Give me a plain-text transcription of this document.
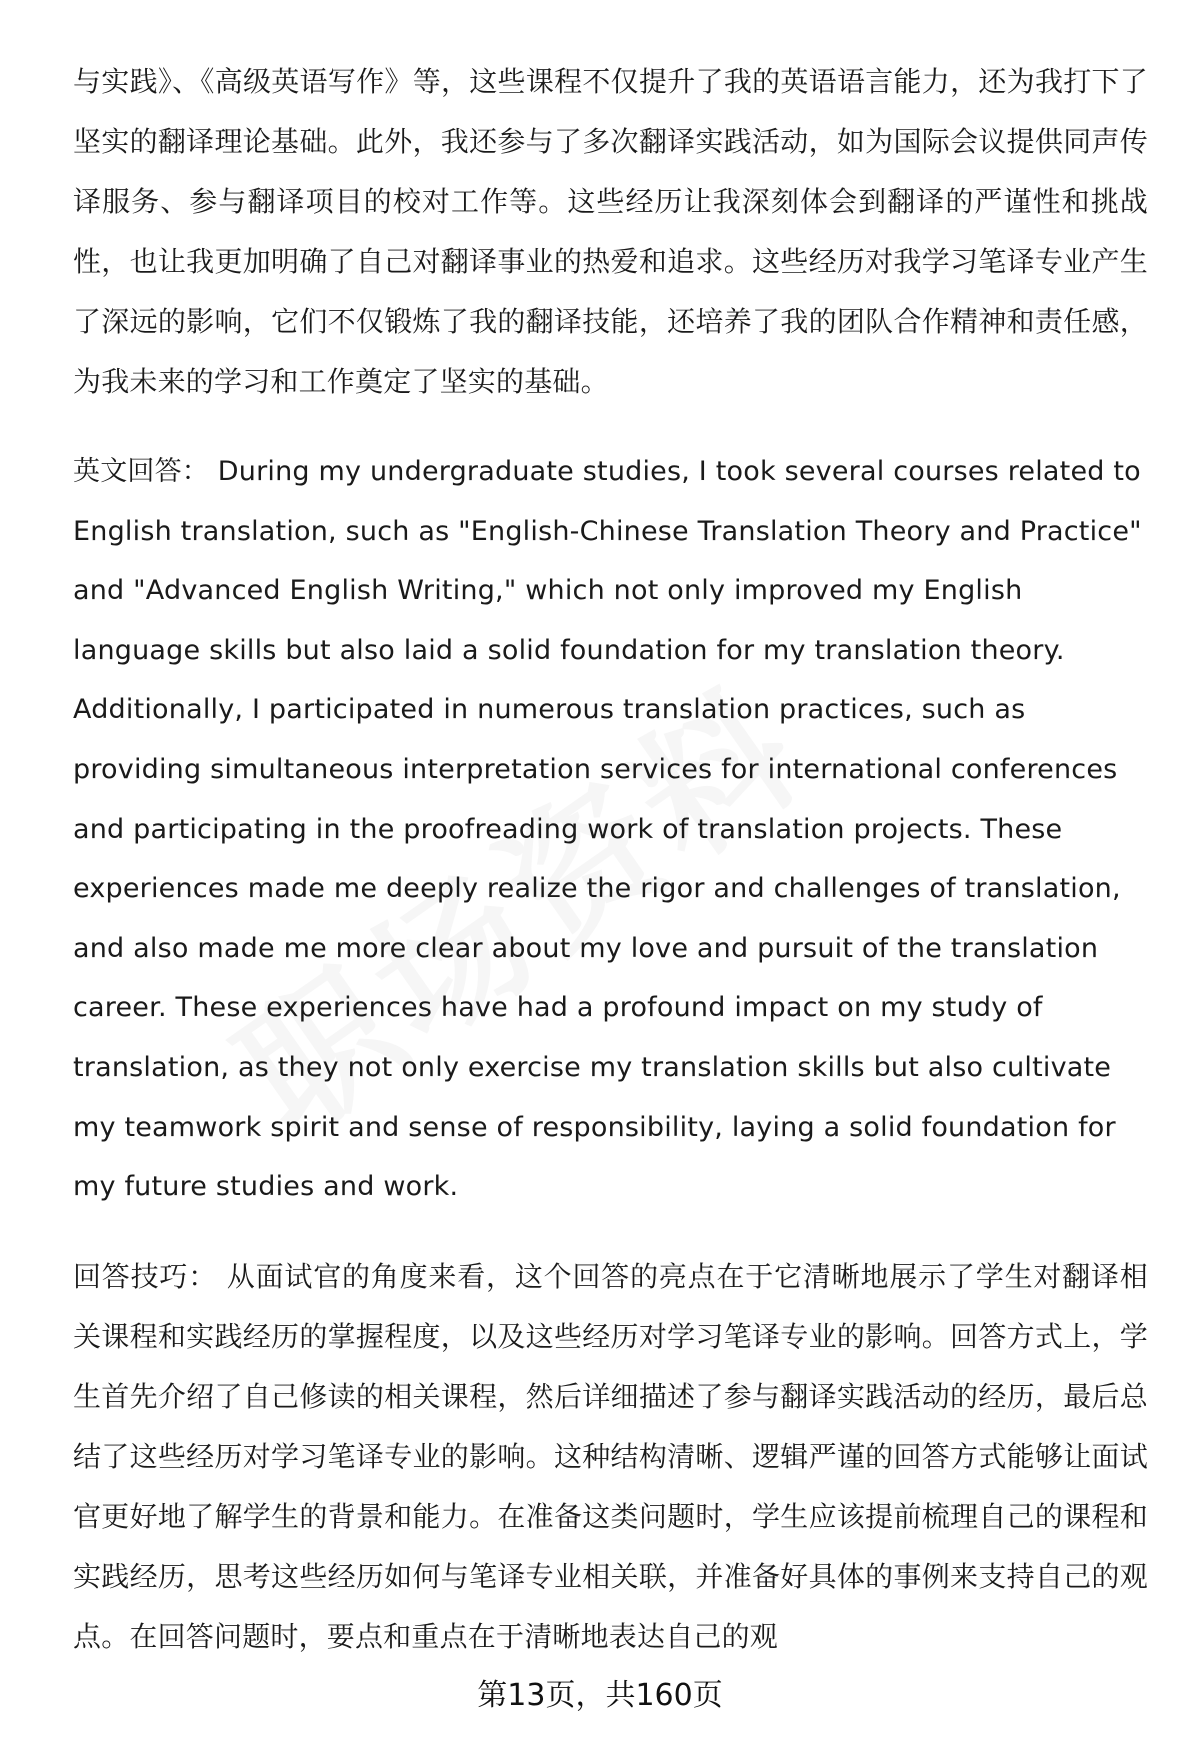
与实践》、《高级英语写作》等，这些课程不仅提升了我的英语语言能力，还为我打下了坚实的翻译理论基础。此外，我还参与了多次翻译实践活动，如为国际会议提供同声传译服务、参与翻译项目的校对工作等。这些经历让我深刻体会到翻译的严谨性和挑战性，也让我更加明确了自己对翻译事业的热爱和追求。这些经历对我学习笔译专业产生了深远的影响，它们不仅锻炼了我的翻译技能，还培养了我的团队合作精神和责任感，为我未来的学习和工作奠定了坚实的基础。

英文回答： During my undergraduate studies, I took several courses related to English translation, such as "English-Chinese Translation Theory and Practice" and "Advanced English Writing," which not only improved my English language skills but also laid a solid foundation for my translation theory. Additionally, I participated in numerous translation practices, such as providing simultaneous interpretation services for international conferences and participating in the proofreading work of translation projects. These experiences made me deeply realize the rigor and challenges of translation, and also made me more clear about my love and pursuit of the translation career. These experiences have had a profound impact on my study of translation, as they not only exercise my translation skills but also cultivate my teamwork spirit and sense of responsibility, laying a solid foundation for my future studies and work.

回答技巧： 从面试官的角度来看，这个回答的亮点在于它清晰地展示了学生对翻译相关课程和实践经历的掌握程度，以及这些经历对学习笔译专业的影响。回答方式上，学生首先介绍了自己修读的相关课程，然后详细描述了参与翻译实践活动的经历，最后总结了这些经历对学习笔译专业的影响。这种结构清晰、逻辑严谨的回答方式能够让面试官更好地了解学生的背景和能力。在准备这类问题时，学生应该提前梳理自己的课程和实践经历，思考这些经历如何与笔译专业相关联，并准备好具体的事例来支持自己的观点。在回答问题时，要点和重点在于清晰地表达自己的观

第13页，共160页
